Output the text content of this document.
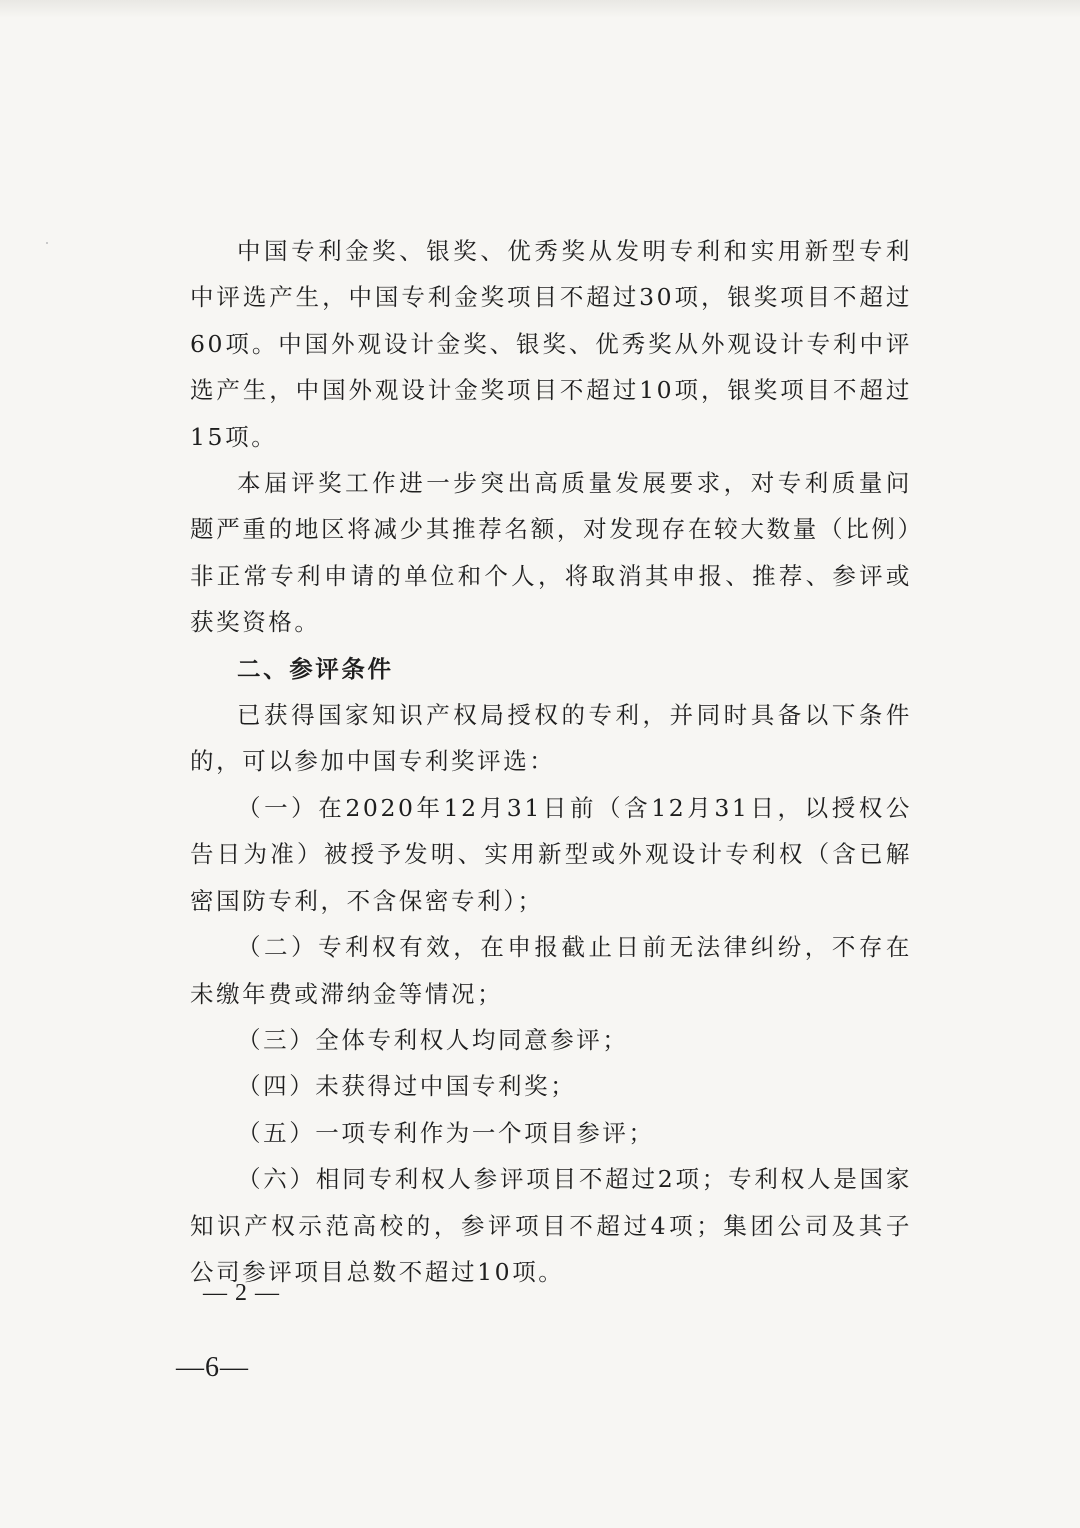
中国专利金奖、银奖、优秀奖从发明专利和实用新型专利中评选产生，中国专利金奖项目不超过30项，银奖项目不超过60项。中国外观设计金奖、银奖、优秀奖从外观设计专利中评选产生，中国外观设计金奖项目不超过10项，银奖项目不超过15项。

本届评奖工作进一步突出高质量发展要求，对专利质量问题严重的地区将减少其推荐名额，对发现存在较大数量（比例）非正常专利申请的单位和个人，将取消其申报、推荐、参评或获奖资格。

二、参评条件

已获得国家知识产权局授权的专利，并同时具备以下条件的，可以参加中国专利奖评选：

（一）在2020年12月31日前（含12月31日，以授权公告日为准）被授予发明、实用新型或外观设计专利权（含已解密国防专利，不含保密专利）；

（二）专利权有效，在申报截止日前无法律纠纷，不存在未缴年费或滞纳金等情况；

（三）全体专利权人均同意参评；

（四）未获得过中国专利奖；

（五）一项专利作为一个项目参评；

（六）相同专利权人参评项目不超过2项；专利权人是国家知识产权示范高校的，参评项目不超过4项；集团公司及其子公司参评项目总数不超过10项。

— 2 —
—6—
